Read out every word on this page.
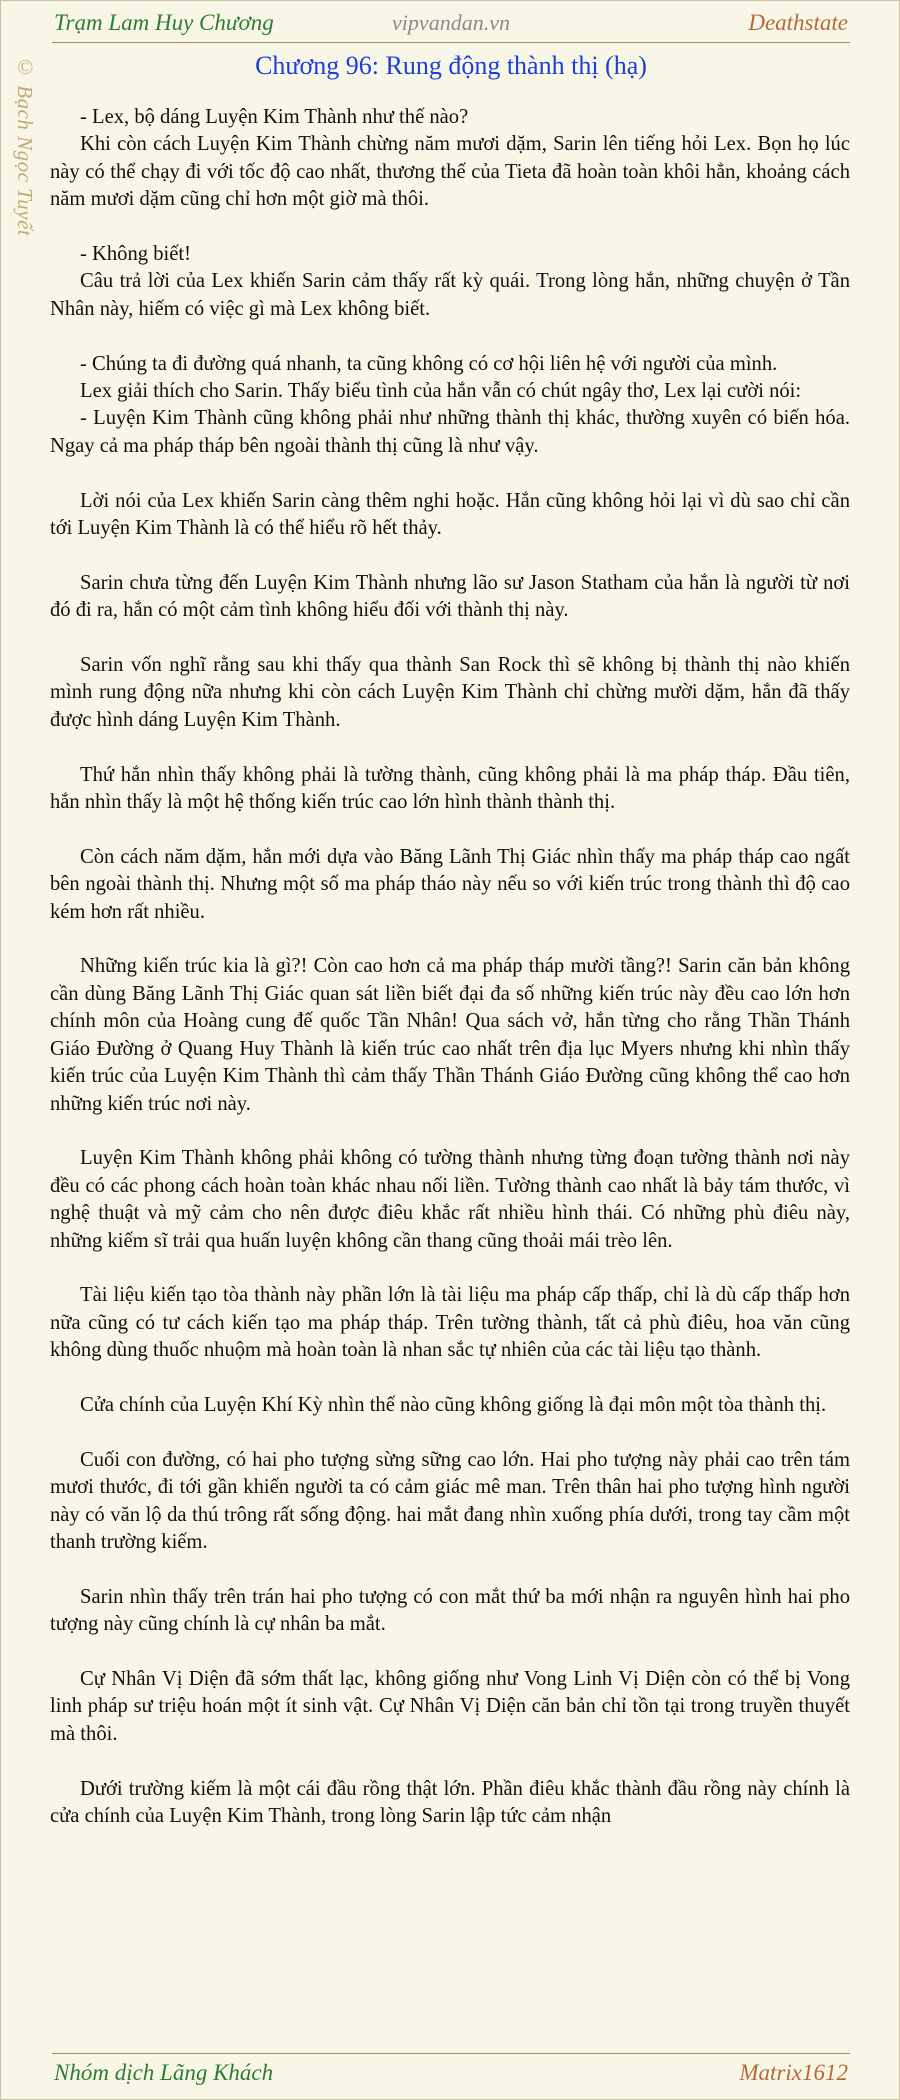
Trạm Lam Huy Chương	vipvandan.vn	Deathstate
© Bạch Ngọc Tuyết	Chương 96: Rung động thành thị (hạ)

- Lex, bộ dáng Luyện Kim Thành như thế nào?

Khi còn cách Luyện Kim Thành chừng năm mươi dặm, Sarin lên tiếng hỏi Lex. Bọn họ lúc này có thể chạy đi với tốc độ cao nhất, thương thế của Tieta đã hoàn toàn khôi hẳn, khoảng cách năm mươi dặm cũng chỉ hơn một giờ mà thôi.

- Không biết!

Câu trả lời của Lex khiến Sarin cảm thấy rất kỳ quái. Trong lòng hắn, những chuyện ở Tần Nhân này, hiếm có việc gì mà Lex không biết.

- Chúng ta đi đường quá nhanh, ta cũng không có cơ hội liên hệ với người của mình.

Lex giải thích cho Sarin. Thấy biểu tình của hắn vẫn có chút ngây thơ, Lex lại cười nói:

- Luyện Kim Thành cũng không phải như những thành thị khác, thường xuyên có biến hóa. Ngay cả ma pháp tháp bên ngoài thành thị cũng là như vậy.

Lời nói của Lex khiến Sarin càng thêm nghi hoặc. Hắn cũng không hỏi lại vì dù sao chỉ cần tới Luyện Kim Thành là có thể hiểu rõ hết thảy.

Sarin chưa từng đến Luyện Kim Thành nhưng lão sư Jason Statham của hắn là người từ nơi đó đi ra, hắn có một cảm tình không hiểu đối với thành thị này.

Sarin vốn nghĩ rằng sau khi thấy qua thành San Rock thì sẽ không bị thành thị nào khiến mình rung động nữa nhưng khi còn cách Luyện Kim Thành chỉ chừng mười dặm, hắn đã thấy được hình dáng Luyện Kim Thành.

Thứ hắn nhìn thấy không phải là tường thành, cũng không phải là ma pháp tháp. Đầu tiên, hắn nhìn thấy là một hệ thống kiến trúc cao lớn hình thành thành thị.

Còn cách năm dặm, hắn mới dựa vào Băng Lãnh Thị Giác nhìn thấy ma pháp tháp cao ngất bên ngoài thành thị. Nhưng một số ma pháp tháo này nếu so với kiến trúc trong thành thì độ cao kém hơn rất nhiều.

Những kiến trúc kia là gì?! Còn cao hơn cả ma pháp tháp mười tầng?! Sarin căn bản không cần dùng Băng Lãnh Thị Giác quan sát liền biết đại đa số những kiến trúc này đều cao lớn hơn chính môn của Hoàng cung đế quốc Tần Nhân! Qua sách vở, hắn từng cho rằng Thần Thánh Giáo Đường ở Quang Huy Thành là kiến trúc cao nhất trên địa lục Myers nhưng khi nhìn thấy kiến trúc của Luyện Kim Thành thì cảm thấy Thần Thánh Giáo Đường cũng không thể cao hơn những kiến trúc nơi này.

Luyện Kim Thành không phải không có tường thành nhưng từng đoạn tường thành nơi này đều có các phong cách hoàn toàn khác nhau nối liền. Tường thành cao nhất là bảy tám thước, vì nghệ thuật và mỹ cảm cho nên được điêu khắc rất nhiều hình thái. Có những phù điêu này, những kiếm sĩ trải qua huấn luyện không cần thang cũng thoải mái trèo lên.

Tài liệu kiến tạo tòa thành này phần lớn là tài liệu ma pháp cấp thấp, chỉ là dù cấp thấp hơn nữa cũng có tư cách kiến tạo ma pháp tháp. Trên tường thành, tất cả phù điêu, hoa văn cũng không dùng thuốc nhuộm mà hoàn toàn là nhan sắc tự nhiên của các tài liệu tạo thành.

Cửa chính của Luyện Khí Kỳ nhìn thế nào cũng không giống là đại môn một tòa thành thị.

Cuối con đường, có hai pho tượng sừng sững cao lớn. Hai pho tượng này phải cao trên tám mươi thước, đi tới gần khiến người ta có cảm giác mê man. Trên thân hai pho tượng hình người này có văn lộ da thú trông rất sống động. hai mắt đang nhìn xuống phía dưới, trong tay cầm một thanh trường kiếm.

Sarin nhìn thấy trên trán hai pho tượng có con mắt thứ ba mới nhận ra nguyên hình hai pho tượng này cũng chính là cự nhân ba mắt.

Cự Nhân Vị Diện đã sớm thất lạc, không giống như Vong Linh Vị Diện còn có thể bị Vong linh pháp sư triệu hoán một ít sinh vật. Cự Nhân Vị Diện căn bản chỉ tồn tại trong truyền thuyết mà thôi.

Dưới trường kiếm là một cái đầu rồng thật lớn. Phần điêu khắc thành đầu rồng này chính là cửa chính của Luyện Kim Thành, trong lòng Sarin lập tức cảm nhận

Nhóm dịch Lãng Khách	Matrix1612
